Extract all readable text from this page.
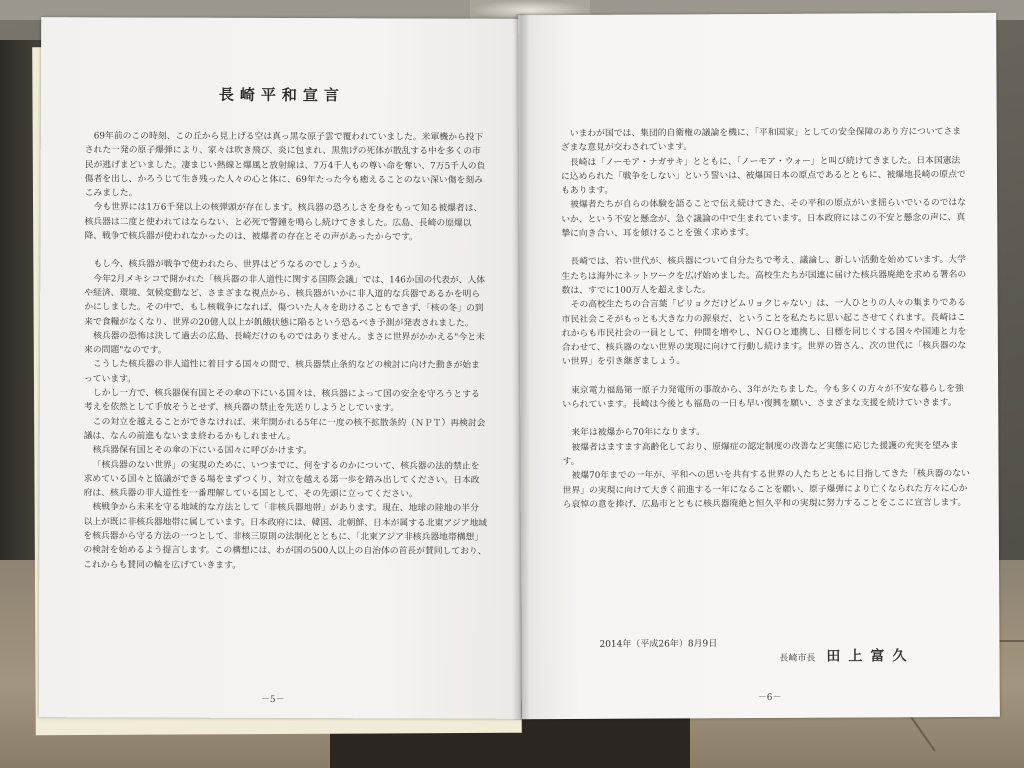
長崎平和宣言

69年前のこの時刻、この丘から見上げる空は真っ黒な原子雲で覆われていました。米軍機から投下された一発の原子爆弾により、家々は吹き飛び、炎に包まれ、黒焦げの死体が散乱する中を多くの市民が逃げまどいました。凄まじい熱線と爆風と放射線は、7万4千人もの尊い命を奪い、7万5千人の負傷者を出し、かろうじて生き残った人々の心と体に、69年たった今も癒えることのない深い傷を刻みこみました。

今も世界には1万6千発以上の核弾頭が存在します。核兵器の恐ろしさを身をもって知る被爆者は、核兵器は二度と使われてはならない、と必死で警鐘を鳴らし続けてきました。広島、長崎の原爆以降、戦争で核兵器が使われなかったのは、被爆者の存在とその声があったからです。

もし今、核兵器が戦争で使われたら、世界はどうなるのでしょうか。

今年2月メキシコで開かれた「核兵器の非人道性に関する国際会議」では、146か国の代表が、人体や経済、環境、気候変動など、さまざまな視点から、核兵器がいかに非人道的な兵器であるかを明らかにしました。その中で、もし核戦争になれば、傷ついた人々を助けることもできず、「核の冬」の到来で食糧がなくなり、世界の20億人以上が飢餓状態に陥るという恐るべき予測が発表されました。

核兵器の恐怖は決して過去の広島、長崎だけのものではありません。まさに世界がかかえる"今と未来の問題"なのです。

こうした核兵器の非人道性に着目する国々の間で、核兵器禁止条約などの検討に向けた動きが始まっています。

しかし一方で、核兵器保有国とその傘の下にいる国々は、核兵器によって国の安全を守ろうとする考えを依然として手放そうとせず、核兵器の禁止を先送りしようとしています。

この対立を越えることができなければ、来年開かれる5年に一度の核不拡散条約（ＮＰＴ）再検討会議は、なんの前進もないまま終わるかもしれません。

核兵器保有国とその傘の下にいる国々に呼びかけます。

「核兵器のない世界」の実現のために、いつまでに、何をするのかについて、核兵器の法的禁止を求めている国々と協議ができる場をまずつくり、対立を越える第一歩を踏み出してください。日本政府は、核兵器の非人道性を一番理解している国として、その先頭に立ってください。

核戦争から未来を守る地域的な方法として「非核兵器地帯」があります。現在、地球の陸地の半分以上が既に非核兵器地帯に属しています。日本政府には、韓国、北朝鮮、日本が属する北東アジア地域を核兵器から守る方法の一つとして、非核三原則の法制化とともに、「北東アジア非核兵器地帯構想」の検討を始めるよう提言します。この構想には、わが国の500人以上の自治体の首長が賛同しており、これからも賛同の輪を広げていきます。

－5－

いまわが国では、集団的自衛権の議論を機に、「平和国家」としての安全保障のあり方についてさまざまな意見が交わされています。

長崎は「ノーモア・ナガサキ」とともに、「ノーモア・ウォー」と叫び続けてきました。日本国憲法に込められた「戦争をしない」という誓いは、被爆国日本の原点であるとともに、被爆地長崎の原点でもあります。

被爆者たちが自らの体験を語ることで伝え続けてきた、その平和の原点がいま揺らいでいるのではないか、という不安と懸念が、急ぐ議論の中で生まれています。日本政府にはこの不安と懸念の声に、真摯に向き合い、耳を傾けることを強く求めます。

長崎では、若い世代が、核兵器について自分たちで考え、議論し、新しい活動を始めています。大学生たちは海外にネットワークを広げ始めました。高校生たちが国連に届けた核兵器廃絶を求める署名の数は、すでに100万人を超えました。

その高校生たちの合言葉「ビリョクだけどムリョクじゃない」は、一人ひとりの人々の集まりである市民社会こそがもっとも大きな力の源泉だ、ということを私たちに思い起こさせてくれます。長崎はこれからも市民社会の一員として、仲間を増やし、ＮＧＯと連携し、目標を同じくする国々や国連と力を合わせて、核兵器のない世界の実現に向けて行動し続けます。世界の皆さん、次の世代に「核兵器のない世界」を引き継ぎましょう。

東京電力福島第一原子力発電所の事故から、3年がたちました。今も多くの方々が不安な暮らしを強いられています。長崎は今後とも福島の一日も早い復興を願い、さまざまな支援を続けていきます。

来年は被爆から70年になります。

被爆者はますます高齢化しており、原爆症の認定制度の改善など実態に応じた援護の充実を望みます。

被爆70年までの一年が、平和への思いを共有する世界の人たちとともに目指してきた「核兵器のない世界」の実現に向けて大きく前進する一年になることを願い、原子爆弾により亡くなられた方々に心から哀悼の意を捧げ、広島市とともに核兵器廃絶と恒久平和の実現に努力することをここに宣言します。

2014年（平成26年）8月9日
長崎市長 田上富久
－6－
